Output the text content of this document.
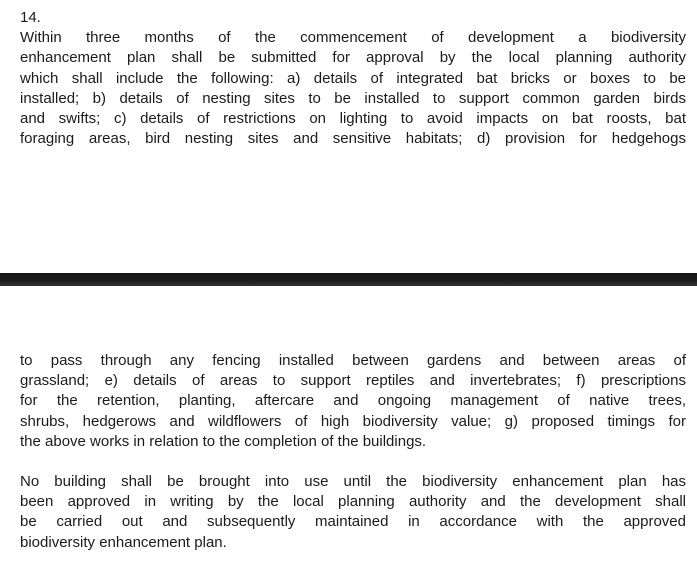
14.
Within three months of the commencement of development a biodiversity
enhancement plan shall be submitted for approval by the local planning authority
which shall include the following: a) details of integrated bat bricks or boxes to be
installed; b) details of nesting sites to be installed to support common garden birds
and swifts; c) details of restrictions on lighting to avoid impacts on bat roosts, bat
foraging areas, bird nesting sites and sensitive habitats; d) provision for hedgehogs
to pass through any fencing installed between gardens and between areas of
grassland; e) details of areas to support reptiles and invertebrates; f) prescriptions
for the retention, planting, aftercare and ongoing management of native trees,
shrubs, hedgerows and wildflowers of high biodiversity value; g) proposed timings for
the above works in relation to the completion of the buildings.
No building shall be brought into use until the biodiversity enhancement plan has
been approved in writing by the local planning authority and the development shall
be carried out and subsequently maintained in accordance with the approved
biodiversity enhancement plan.
